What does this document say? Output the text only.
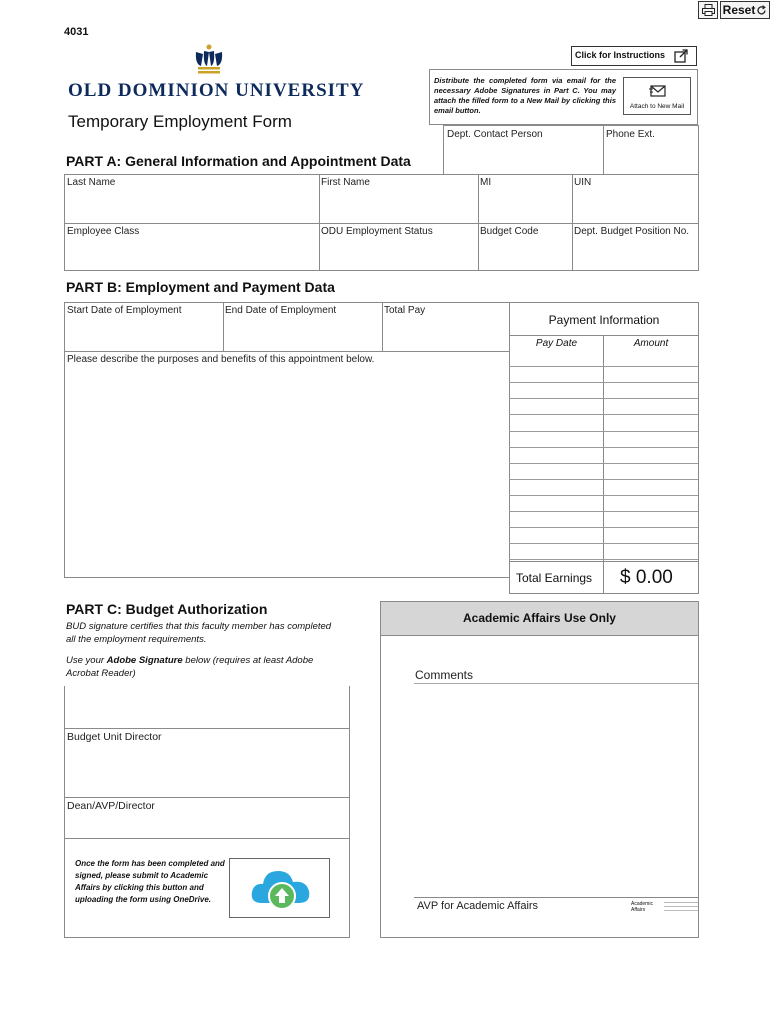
Reset
4031
OLD DOMINION UNIVERSITY
Temporary Employment Form
Click for Instructions
Distribute the completed form via email for the necessary Adobe Signatures in Part C. You may attach the filled form to a New Mail by clicking this email button.	Attach to New Mail
Dept. Contact Person	Phone Ext.
PART A: General Information and Appointment Data
Last Name	First Name	MI	UIN
Employee Class	ODU Employment Status	Budget Code	Dept. Budget Position No.
PART B: Employment and Payment Data
Start Date of Employment	End Date of Employment	Total Pay
Please describe the purposes and benefits of this appointment below.
Payment Information
Pay Date	Amount
Total Earnings $ 0.00
PART C: Budget Authorization
BUD signature certifies that this faculty member has completed all the employment requirements.
Use your Adobe Signature below (requires at least Adobe Acrobat Reader)
Budget Unit Director
Dean/AVP/Director
Once the form has been completed and signed, please submit to Academic Affairs by clicking this button and uploading the form using OneDrive.
Academic Affairs Use Only
Comments
AVP for Academic Affairs	Academic Affairs
